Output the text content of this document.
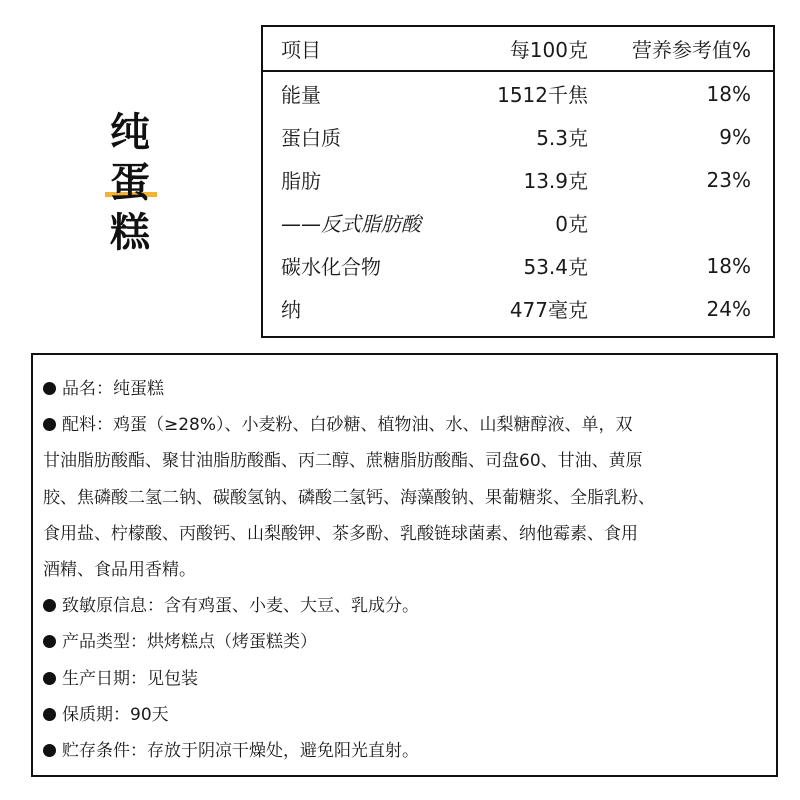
纯
蛋
糕
项目	每100克	营养参考值%
能量	1512千焦	18%
蛋白质	5.3克	9%
脂肪	13.9克	23%
——反式脂肪酸	0克	
碳水化合物	53.4克	18%
纳	477毫克	24%

品名：纯蛋糕

配料：鸡蛋（≥28%）、小麦粉、白砂糖、植物油、水、山梨糖醇液、单，双
甘油脂肪酸酯、聚甘油脂肪酸酯、丙二醇、蔗糖脂肪酸酯、司盘60、甘油、黄原
胶、焦磷酸二氢二钠、碳酸氢钠、磷酸二氢钙、海藻酸钠、果葡糖浆、全脂乳粉、
食用盐、柠檬酸、丙酸钙、山梨酸钾、茶多酚、乳酸链球菌素、纳他霉素、食用
酒精、食品用香精。

致敏原信息：含有鸡蛋、小麦、大豆、乳成分。

产品类型：烘烤糕点（烤蛋糕类）

生产日期：见包装

保质期：90天

贮存条件：存放于阴凉干燥处，避免阳光直射。
